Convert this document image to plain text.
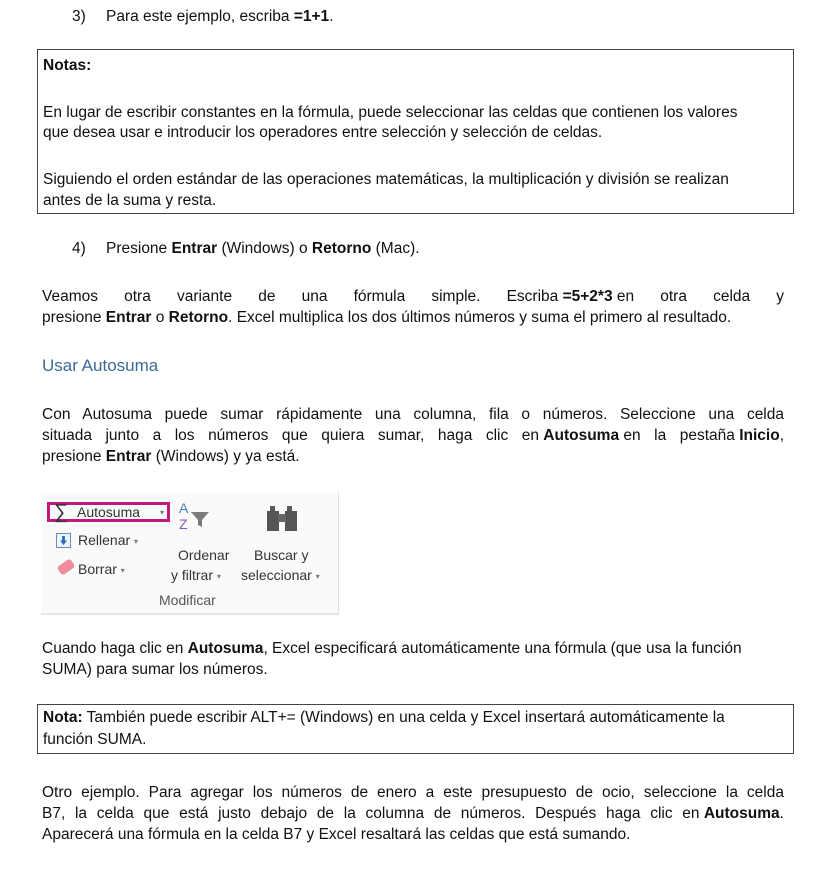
3) Para este ejemplo, escriba =1+1.
Notas:
En lugar de escribir constantes en la fórmula, puede seleccionar las celdas que contienen los valores
que desea usar e introducir los operadores entre selección y selección de celdas.
Siguiendo el orden estándar de las operaciones matemáticas, la multiplicación y división se realizan
antes de la suma y resta.
4) Presione Entrar (Windows) o Retorno (Mac).
Veamos otra variante de una fórmula simple. Escriba =5+2*3 en otra celda y
presione Entrar o Retorno. Excel multiplica los dos últimos números y suma el primero al resultado.
Usar Autosuma
Con Autosuma puede sumar rápidamente una columna, fila o números. Seleccione una celda
situada junto a los números que quiera sumar, haga clic en Autosuma en la pestaña Inicio,
presione Entrar (Windows) y ya está.
∑ Autosuma ▾
Rellenar ▾
Borrar ▾
A
Z
Ordenar
y filtrar ▾
Buscar y
seleccionar ▾
Modificar
Cuando haga clic en Autosuma, Excel especificará automáticamente una fórmula (que usa la función
SUMA) para sumar los números.
Nota: También puede escribir ALT+= (Windows) en una celda y Excel insertará automáticamente la
función SUMA.
Otro ejemplo. Para agregar los números de enero a este presupuesto de ocio, seleccione la celda
B7, la celda que está justo debajo de la columna de números. Después haga clic en Autosuma.
Aparecerá una fórmula en la celda B7 y Excel resaltará las celdas que está sumando.
